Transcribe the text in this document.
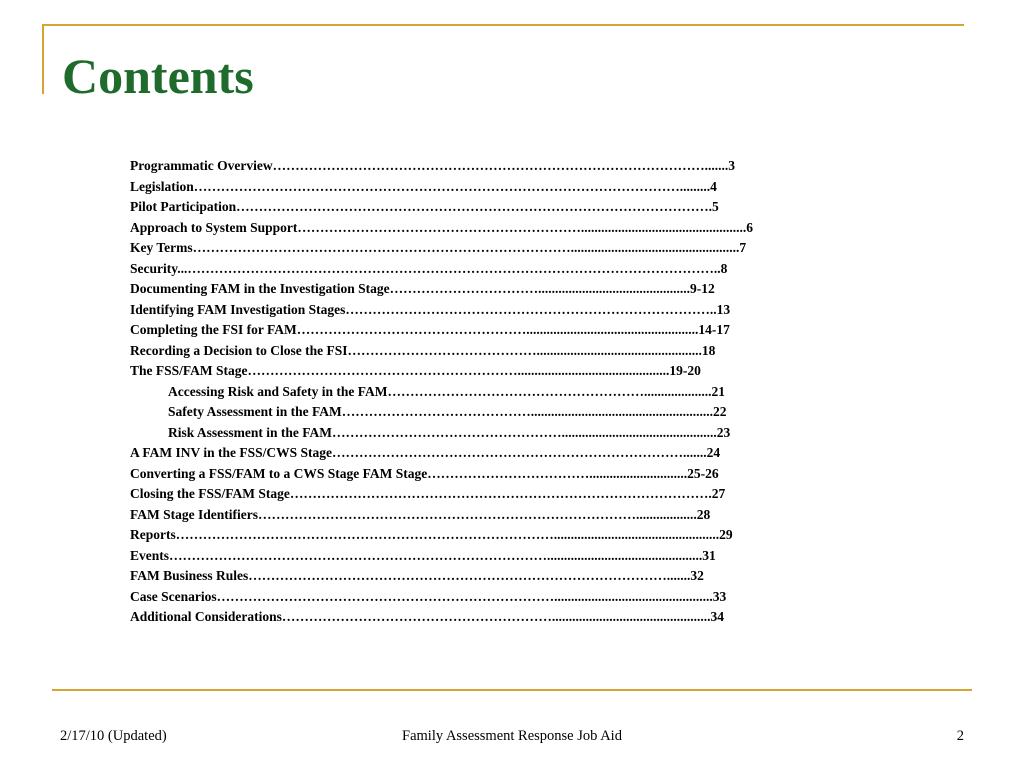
Contents
Programmatic Overview…………………………………………………………………………………….......3
Legislation……………………………………………………………………………………………….........4
Pilot Participation…………………………………………………………………………………………….5
Approach to System Support……………………………………………………….................................................6
Key Terms…………………………………………………………………………..................................................7
Security...………………………………………………………………………………………………………..8
Documenting FAM in the Investigation Stage…………………………….............................................9-12
Identifying FAM Investigation Stages………………………………………………………………………..13
Completing the FSI for FAM……………………………………………...................................................14-17
Recording a Decision to Close the FSI…………………………………….................................................18
The FSS/FAM Stage…………………………………………………….............................................19-20
Accessing Risk and Safety in the FAM…………………………………………………....................21
Safety Assessment in the FAM……………………………………......................................................22
Risk Assessment in the FAM……………………………………………..............................................23
A FAM INV in the FSS/CWS Stage…………………………………………………………………….......24
Converting a FSS/FAM to a CWS Stage FAM Stage……………………………….............................25-26
Closing the FSS/FAM Stage………………………………………………………………………………….27
FAM Stage Identifiers…………………………………………………………………………..................28
Reports………………………………………………………………………….................................................29
Events…………………………………………………………………………..............................................31
FAM Business Rules………………………………………………………………………………….......32
Case Scenarios…………………………………………………………………...............................................33
Additional Considerations……………………………………………………...............................................34
2/17/10 (Updated)	Family Assessment Response Job Aid	2
